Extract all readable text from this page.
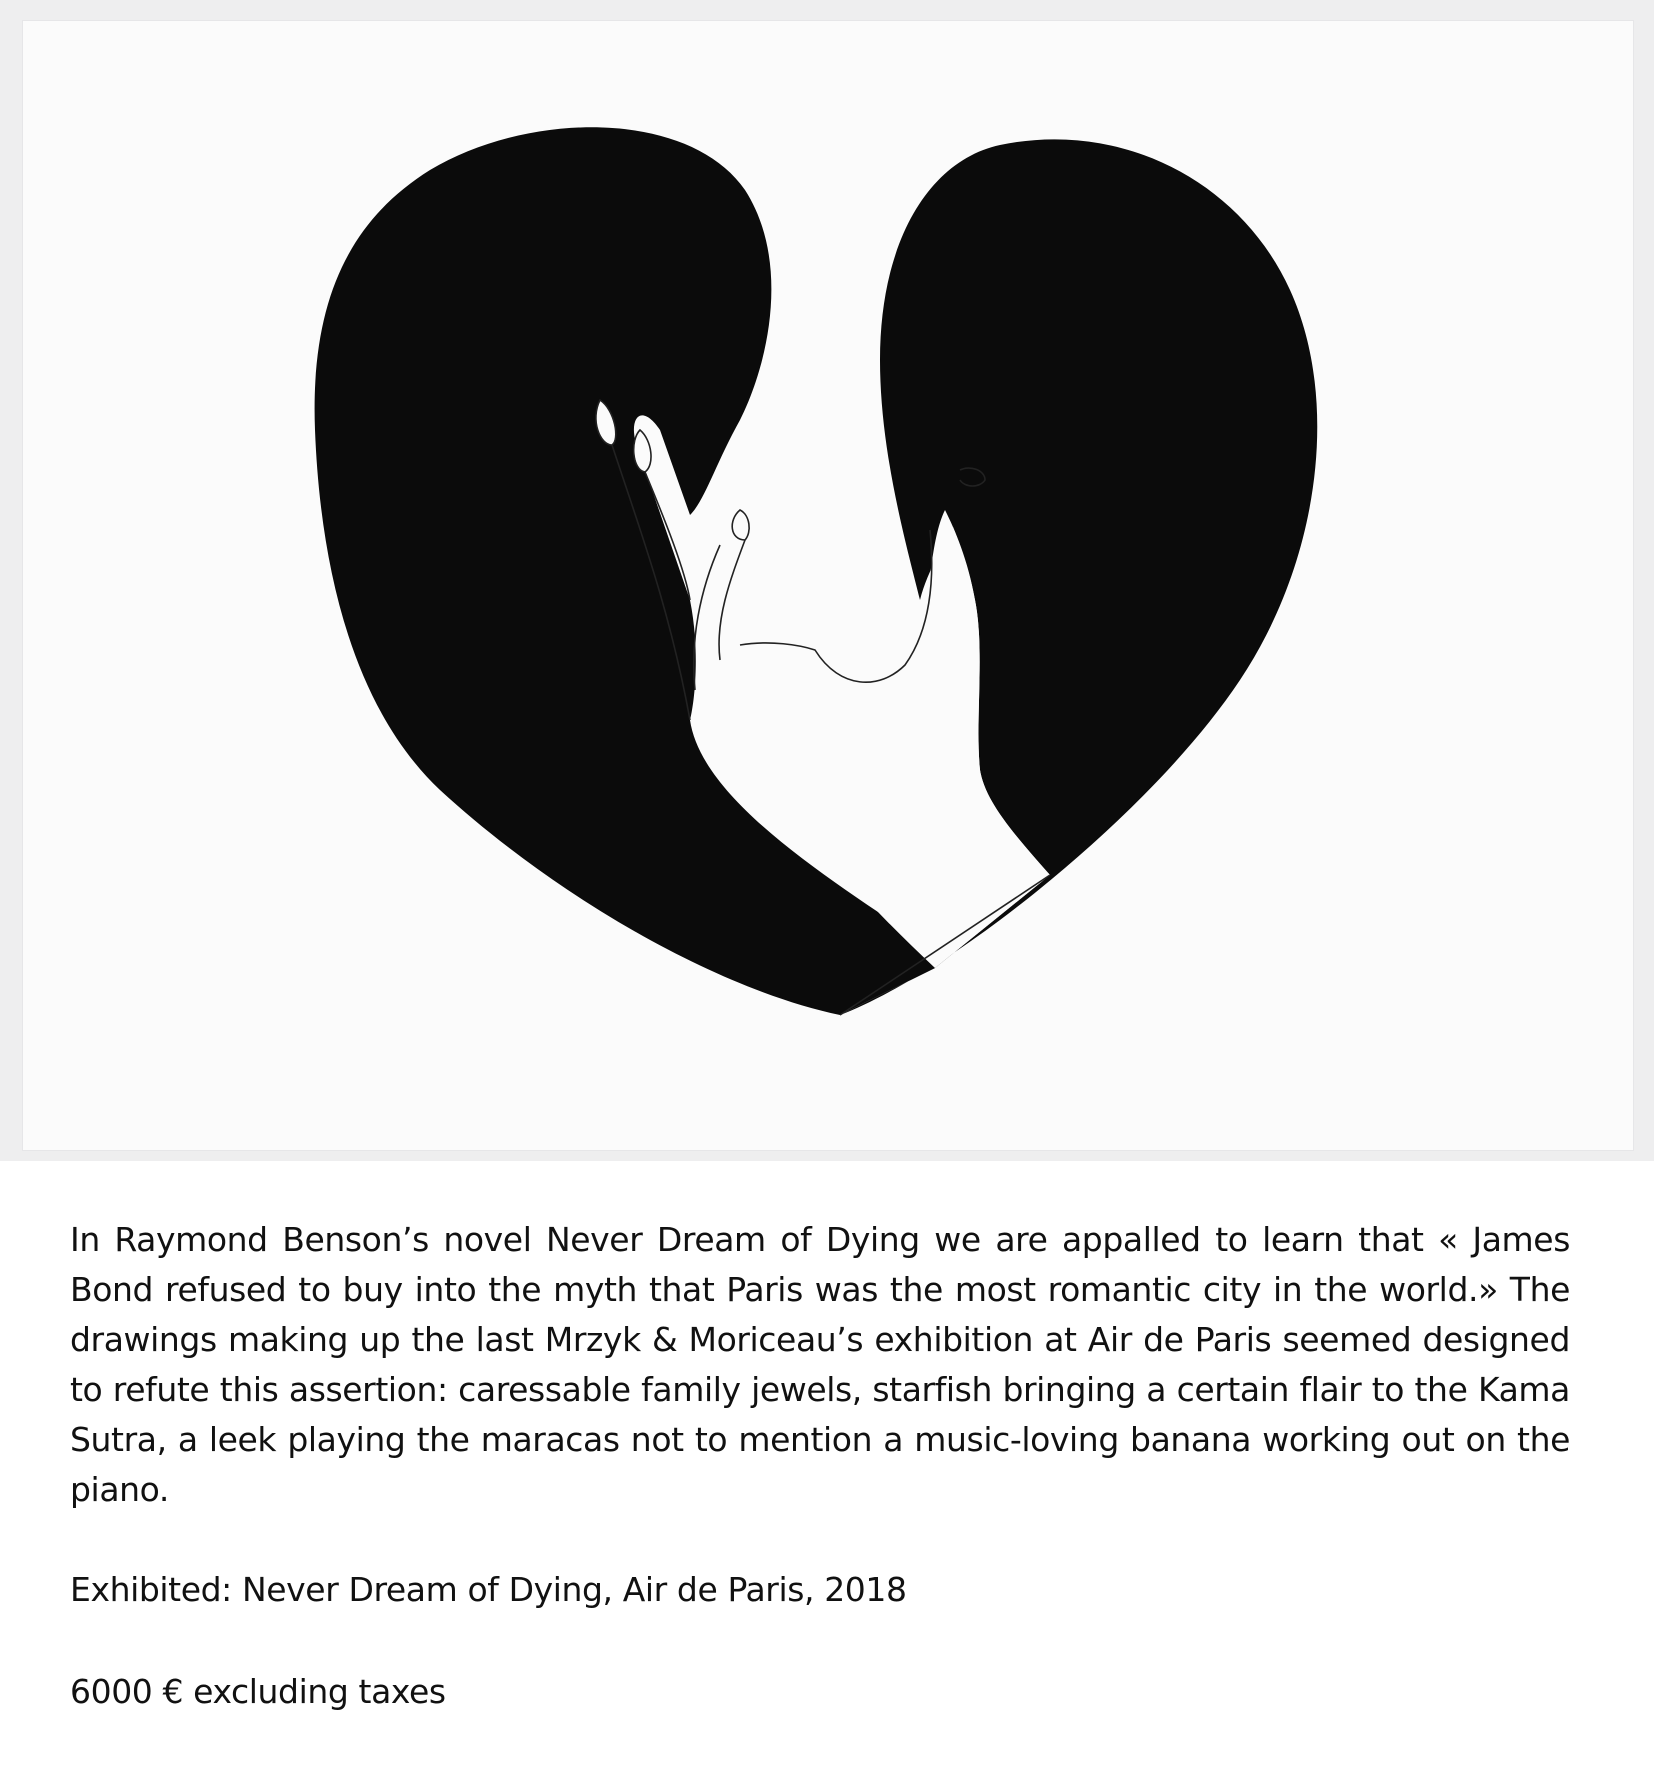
In Raymond Benson’s novel Never Dream of Dying we are appalled to learn that « James Bond refused to buy into the myth that Paris was the most romantic city in the world.» The drawings making up the last Mrzyk & Moriceau’s exhibition at Air de Paris seemed designed to refute this assertion: caressable family jewels, starfish bringing a certain flair to the Kama Sutra, a leek playing the maracas not to mention a music-loving banana working out on the piano.

Exhibited: Never Dream of Dying, Air de Paris, 2018

6000 € excluding taxes
